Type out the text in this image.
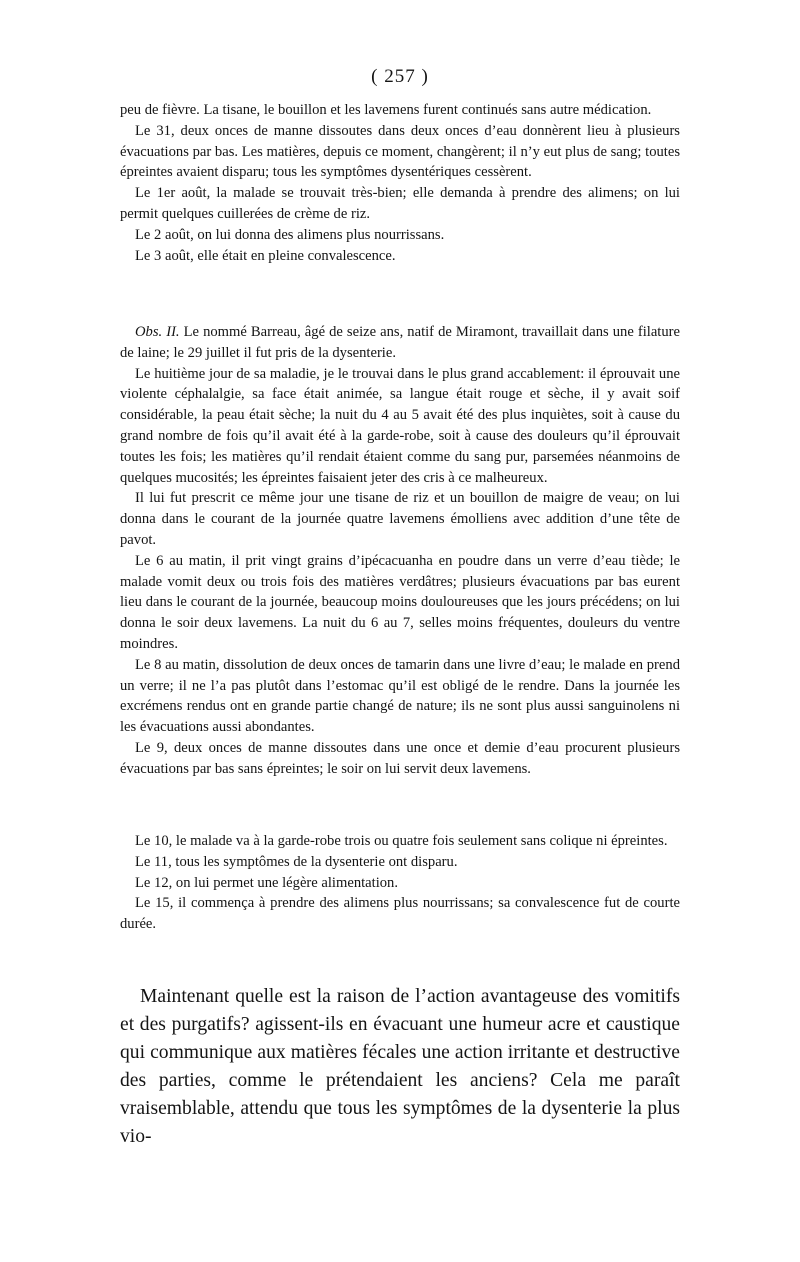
( 257 )

peu de fièvre. La tisane, le bouillon et les lavemens furent continués sans autre médication.

Le 31, deux onces de manne dissoutes dans deux onces d’eau donnèrent lieu à plusieurs évacuations par bas. Les matières, depuis ce moment, changèrent; il n’y eut plus de sang; toutes épreintes avaient disparu; tous les symptômes dysentériques cessèrent.

Le 1er août, la malade se trouvait très-bien; elle demanda à prendre des alimens; on lui permit quelques cuillerées de crème de riz.

Le 2 août, on lui donna des alimens plus nourrissans.

Le 3 août, elle était en pleine convalescence.

Obs. II. Le nommé Barreau, âgé de seize ans, natif de Miramont, travaillait dans une filature de laine; le 29 juillet il fut pris de la dysenterie.

Le huitième jour de sa maladie, je le trouvai dans le plus grand accablement: il éprouvait une violente céphalalgie, sa face était animée, sa langue était rouge et sèche, il y avait soif considérable, la peau était sèche; la nuit du 4 au 5 avait été des plus inquiètes, soit à cause du grand nombre de fois qu’il avait été à la garde-robe, soit à cause des douleurs qu’il éprouvait toutes les fois; les matières qu’il rendait étaient comme du sang pur, parsemées néanmoins de quelques mucosités; les épreintes faisaient jeter des cris à ce malheureux.

Il lui fut prescrit ce même jour une tisane de riz et un bouillon de maigre de veau; on lui donna dans le courant de la journée quatre lavemens émolliens avec addition d’une tête de pavot.

Le 6 au matin, il prit vingt grains d’ipécacuanha en poudre dans un verre d’eau tiède; le malade vomit deux ou trois fois des matières verdâtres; plusieurs évacuations par bas eurent lieu dans le courant de la journée, beaucoup moins douloureuses que les jours précédens; on lui donna le soir deux lavemens. La nuit du 6 au 7, selles moins fréquentes, douleurs du ventre moindres.

Le 8 au matin, dissolution de deux onces de tamarin dans une livre d’eau; le malade en prend un verre; il ne l’a pas plutôt dans l’estomac qu’il est obligé de le rendre. Dans la journée les excrémens rendus ont en grande partie changé de nature; ils ne sont plus aussi sanguinolens ni les évacuations aussi abondantes.

Le 9, deux onces de manne dissoutes dans une once et demie d’eau procurent plusieurs évacuations par bas sans épreintes; le soir on lui servit deux lavemens.

Le 10, le malade va à la garde-robe trois ou quatre fois seulement sans colique ni épreintes.

Le 11, tous les symptômes de la dysenterie ont disparu.

Le 12, on lui permet une légère alimentation.

Le 15, il commença à prendre des alimens plus nourrissans; sa convalescence fut de courte durée.

Maintenant quelle est la raison de l’action avantageuse des vomitifs et des purgatifs? agissent-ils en évacuant une humeur acre et caustique qui communique aux matières fécales une action irritante et destructive des parties, comme le prétendaient les anciens? Cela me paraît vraisemblable, attendu que tous les symptômes de la dysenterie la plus vio-
